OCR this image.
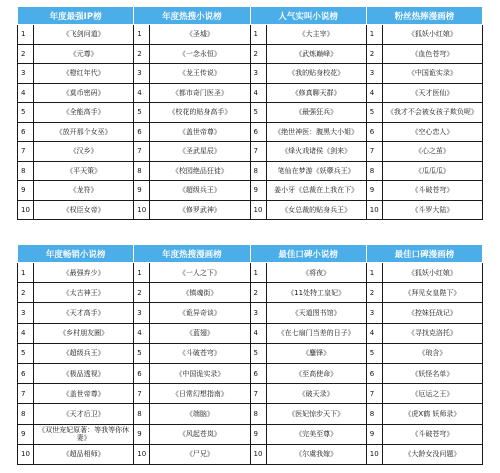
年度最强IP榜		年度热搜小说榜		人气实叫小说榜		粉丝热捧漫画榜	
1	《飞剑问道》	1	《圣墟》	1	《大主宰》	1	《狐妖小红娘》
2	《元尊》	2	《一念永恒》	2	《武炼巅峰》	2	《血色苍穹》
3	《橙红年代》	3	《龙王传说》	3	《我的贴身校花》	3	《中国诡实录》
4	《莫币密码》	4	《都市奇门医圣》	4	《修真聊天群》	4	《天才医仙》
5	《全能高手》	5	《校花的贴身高手》	5	《最强狂兵》	5	《我才不会被女孩子欺负呢》
6	《放开那个女巫》	6	《盖世帝尊》	6	《绝世神医：腹黑大小姐》	6	《空心恋人》
7	《汉乡》	7	《圣武星辰》	7	《烽火戏诸侯《剑来》	7	《心之茧》
8	《平天策》	8	《校园绝品狂徒》	8	笔仙在梦游《妖孽兵王》	8	《瓜瓜瓜》
9	《龙符》	9	《超级兵王》	9	姜小牙《总裁在上我在下》	9	《斗破苍穹》
10	《权臣女帝》	10	《修罗武神》	10	《女总裁的贴身兵王》	10	《斗罗大陆》
年度畅销小说榜		年度热搜漫画榜		最佳口碑小说榜		最佳口碑漫画榜	
1	《最强弃少》	1	《一人之下》	1	《将夜》	1	《狐妖小红娘》
2	《太古神王》	2	《镇魂街》	2	《11处特工皇妃》	2	《拜见女皇陛下》
3	《天才高手》	3	《诡异奇谈》	3	《天道图书馆》	3	《控妹狂战记》
4	《乡村朋友圈》	4	《蓝翅》	4	《在七扇门当差的日子》	4	《寻找克洛托》
5	《超级兵王》	5	《斗破苍穹》	5	《鏖锋》	5	《琅含》
6	《极品透视》	6	《中国诡实录》	6	《至高使命》	6	《妖怪名单》
7	《盖世帝尊》	7	《日常幻想指南》	7	《破天录》	7	《厄运之王》
8	《天才后卫》	8	《端脑》	8	《医妃惊步天下》	8	《虎X鹤 妖师录》
9	《双世宠妃原著：等我等你休妻》	9	《风起苍岚》	9	《完美至尊》	9	《斗破苍穹》
10	《超品相师》	10	《尸兄》	10	《尔虞我嫁》	10	《大龄女没问题》
